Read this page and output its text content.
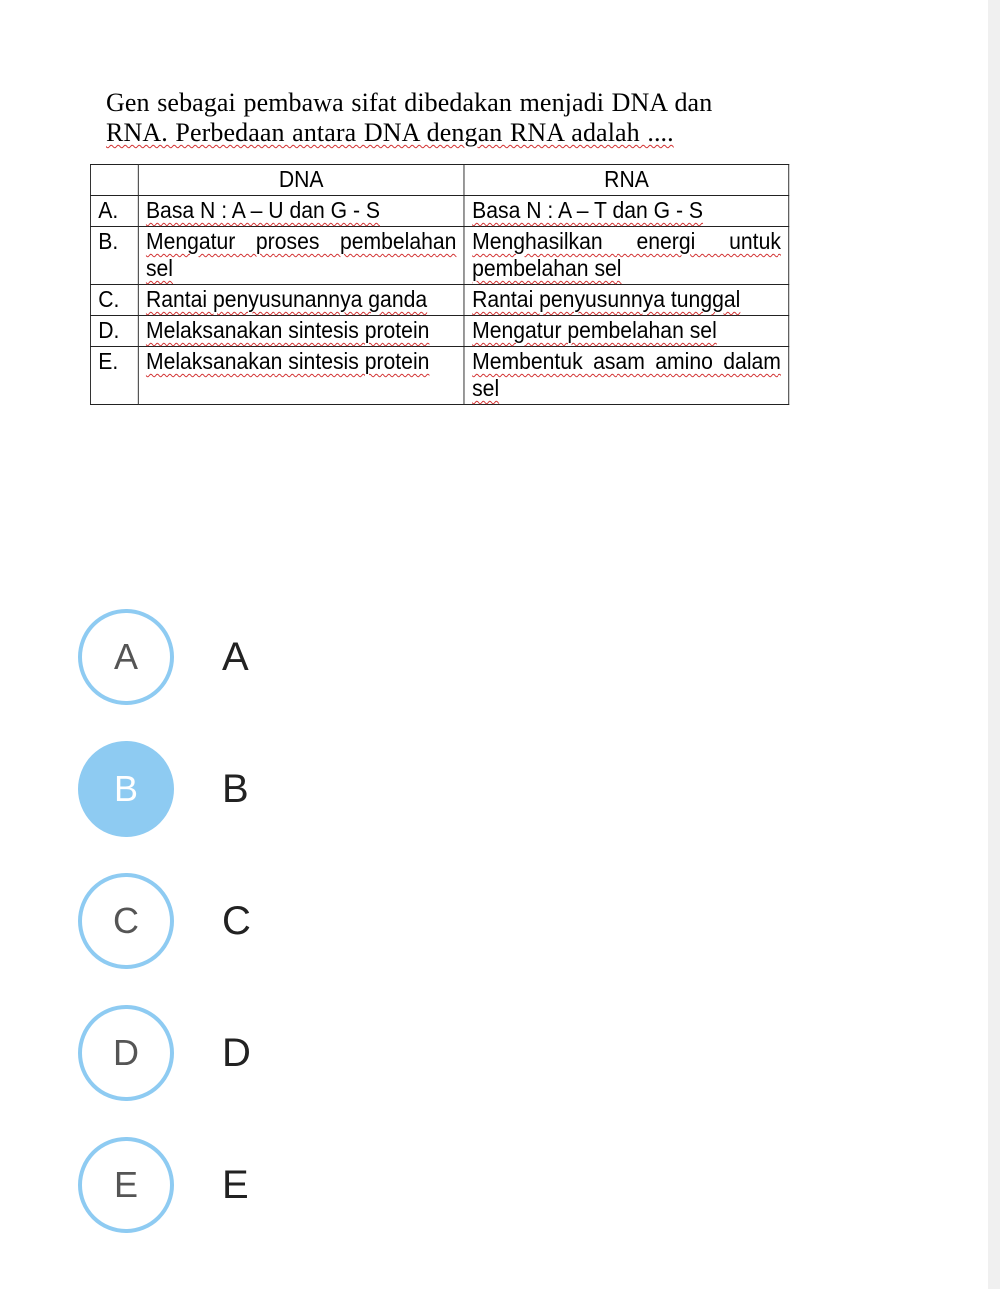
Gen sebagai pembawa sifat dibedakan menjadi DNA dan
RNA. Perbedaan antara DNA dengan RNA adalah ....

	DNA	RNA
A.	Basa N : A – U dan G - S	Basa N : A – T dan G - S
B.	Mengatur proses pembelahan sel	Menghasilkan energi untuk pembelahan sel
C.	Rantai penyusunannya ganda	Rantai penyusunnya tunggal
D.	Melaksanakan sintesis protein	Mengatur pembelahan sel
E.	Melaksanakan sintesis protein	Membentuk asam amino dalam sel
A	A
B	B
C	C
D	D
E	E
